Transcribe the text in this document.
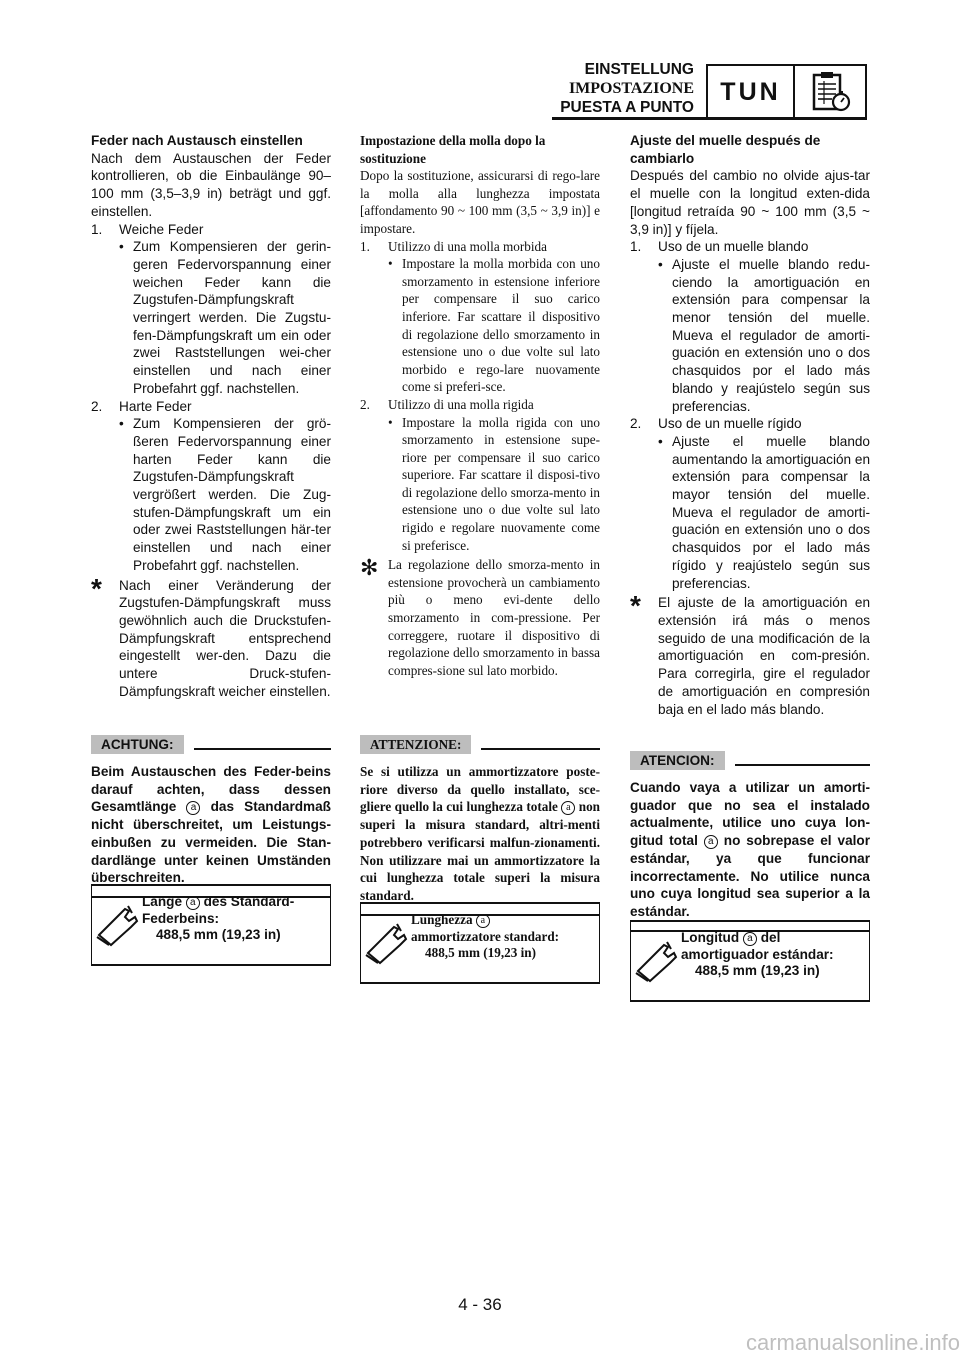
EINSTELLUNG
IMPOSTAZIONE
PUESTA A PUNTO
TUN
Feder nach Austausch einstellen
Nach dem Austauschen der Feder kontrollieren, ob die Einbaulänge 90–100 mm (3,5–3,9 in) beträgt und ggf. einstellen.
1.	Weiche Feder
• Zum Kompensieren der gerin-geren Federvorspannung einer weichen Feder kann die Zugstufen-Dämpfungskraft verringert werden. Die Zugstu-fen-Dämpfungskraft um ein oder zwei Raststellungen wei-cher einstellen und nach einer Probefahrt ggf. nachstellen.
2.	Harte Feder
• Zum Kompensieren der grö-ßeren Federvorspannung einer harten Feder kann die Zugstufen-Dämpfungskraft vergrößert werden. Die Zug-stufen-Dämpfungskraft um ein oder zwei Raststellungen här-ter einstellen und nach einer Probefahrt ggf. nachstellen.
*	Nach einer Veränderung der Zugstufen-Dämpfungskraft muss gewöhnlich auch die Druckstufen-Dämpfungskraft entsprechend eingestellt wer-den. Dazu die untere Druck-stufen-Dämpfungskraft weicher einstellen.
ACHTUNG:
Beim Austauschen des Feder-beins darauf achten, dass dessen Gesamtlänge a das Standardmaß nicht überschreitet, um Leistungs-einbußen zu vermeiden. Die Stan-dardlänge unter keinen Umständen überschreiten.
Länge a des Standard-Federbeins:
488,5 mm (19,23 in)
Impostazione della molla dopo la sostituzione
Dopo la sostituzione, assicurarsi di rego-lare la molla alla lunghezza impostata [affondamento 90 ~ 100 mm (3,5 ~ 3,9 in)] e impostare.
1.	Utilizzo di una molla morbida
• Impostare la molla morbida con uno smorzamento in estensione inferiore per compensare il suo carico inferiore. Far scattare il dispositivo di regolazione dello smorzamento in estensione uno o due volte sul lato morbido e rego-lare nuovamente come si preferi-sce.
2.	Utilizzo di una molla rigida
• Impostare la molla rigida con uno smorzamento in estensione supe-riore per compensare il suo carico superiore. Far scattare il disposi-tivo di regolazione dello smorza-mento in estensione uno o due volte sul lato rigido e regolare nuovamente come si preferisce.
✻ La regolazione dello smorza-mento in estensione provocherà un cambiamento più o meno evi-dente dello smorzamento in com-pressione. Per correggere, ruotare il dispositivo di regolazione dello smorzamento in bassa compres-sione sul lato morbido.
ATTENZIONE:
Se si utilizza un ammortizzatore poste-riore diverso da quello installato, sce-gliere quello la cui lunghezza totale a non superi la misura standard, altri-menti potrebbero verificarsi malfun-zionamenti. Non utilizzare mai un ammortizzatore la cui lunghezza totale superi la misura standard.
Lunghezza a
ammortizzatore standard:
488,5 mm (19,23 in)
Ajuste del muelle después de cambiarlo
Después del cambio no olvide ajus-tar el muelle con la longitud exten-dida [longitud retraída 90 ~ 100 mm (3,5 ~ 3,9 in)] y fíjela.
1.	Uso de un muelle blando
• Ajuste el muelle blando redu-ciendo la amortiguación en extensión para compensar la menor tensión del muelle. Mueva el regulador de amorti-guación en extensión uno o dos chasquidos por el lado más blando y reajústelo según sus preferencias.
2.	Uso de un muelle rígido
• Ajuste el muelle blando aumentando la amortiguación en extensión para compensar la mayor tensión del muelle. Mueva el regulador de amorti-guación en extensión uno o dos chasquidos por el lado más rígido y reajústelo según sus preferencias.
*	El ajuste de la amortiguación en extensión irá más o menos seguido de una modificación de la amortiguación en com-presión. Para corregirla, gire el regulador de amortiguación en compresión baja en el lado más blando.
ATENCION:
Cuando vaya a utilizar un amorti-guador que no sea el instalado actualmente, utilice uno cuya lon-gitud total a no sobrepase el valor estándar, ya que funcionar incorrectamente. No utilice nunca uno cuya longitud sea superior a la estándar.
Longitud a del amortiguador estándar:
488,5 mm (19,23 in)
4 - 36
carmanualsonline.info
